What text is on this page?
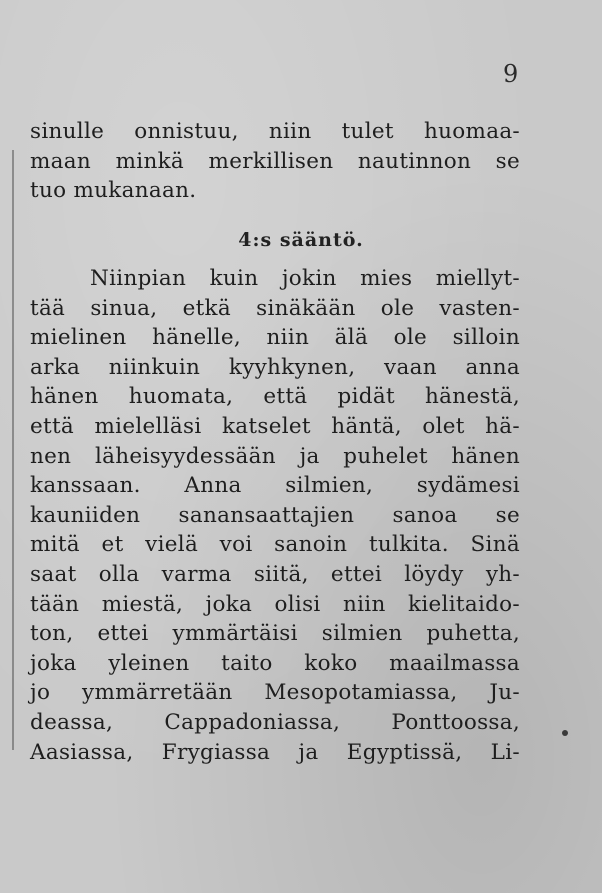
9
sinulle onnistuu, niin tulet huomaa-
maan minkä merkillisen nautinnon se
tuo mukanaan.
4:s sääntö.
Niinpian kuin jokin mies miellyt-
tää sinua, etkä sinäkään ole vasten-
mielinen hänelle, niin älä ole silloin
arka niinkuin kyyhkynen, vaan anna
hänen huomata, että pidät hänestä,
että mielelläsi katselet häntä, olet hä-
nen läheisyydessään ja puhelet hänen
kanssaan. Anna silmien, sydämesi
kauniiden sanansaattajien sanoa se
mitä et vielä voi sanoin tulkita. Sinä
saat olla varma siitä, ettei löydy yh-
tään miestä, joka olisi niin kielitaido-
ton, ettei ymmärtäisi silmien puhetta,
joka yleinen taito koko maailmassa
jo ymmärretään Mesopotamiassa, Ju-
deassa, Cappadoniassa, Ponttoossa,
Aasiassa, Frygiassa ja Egyptissä, Li-
